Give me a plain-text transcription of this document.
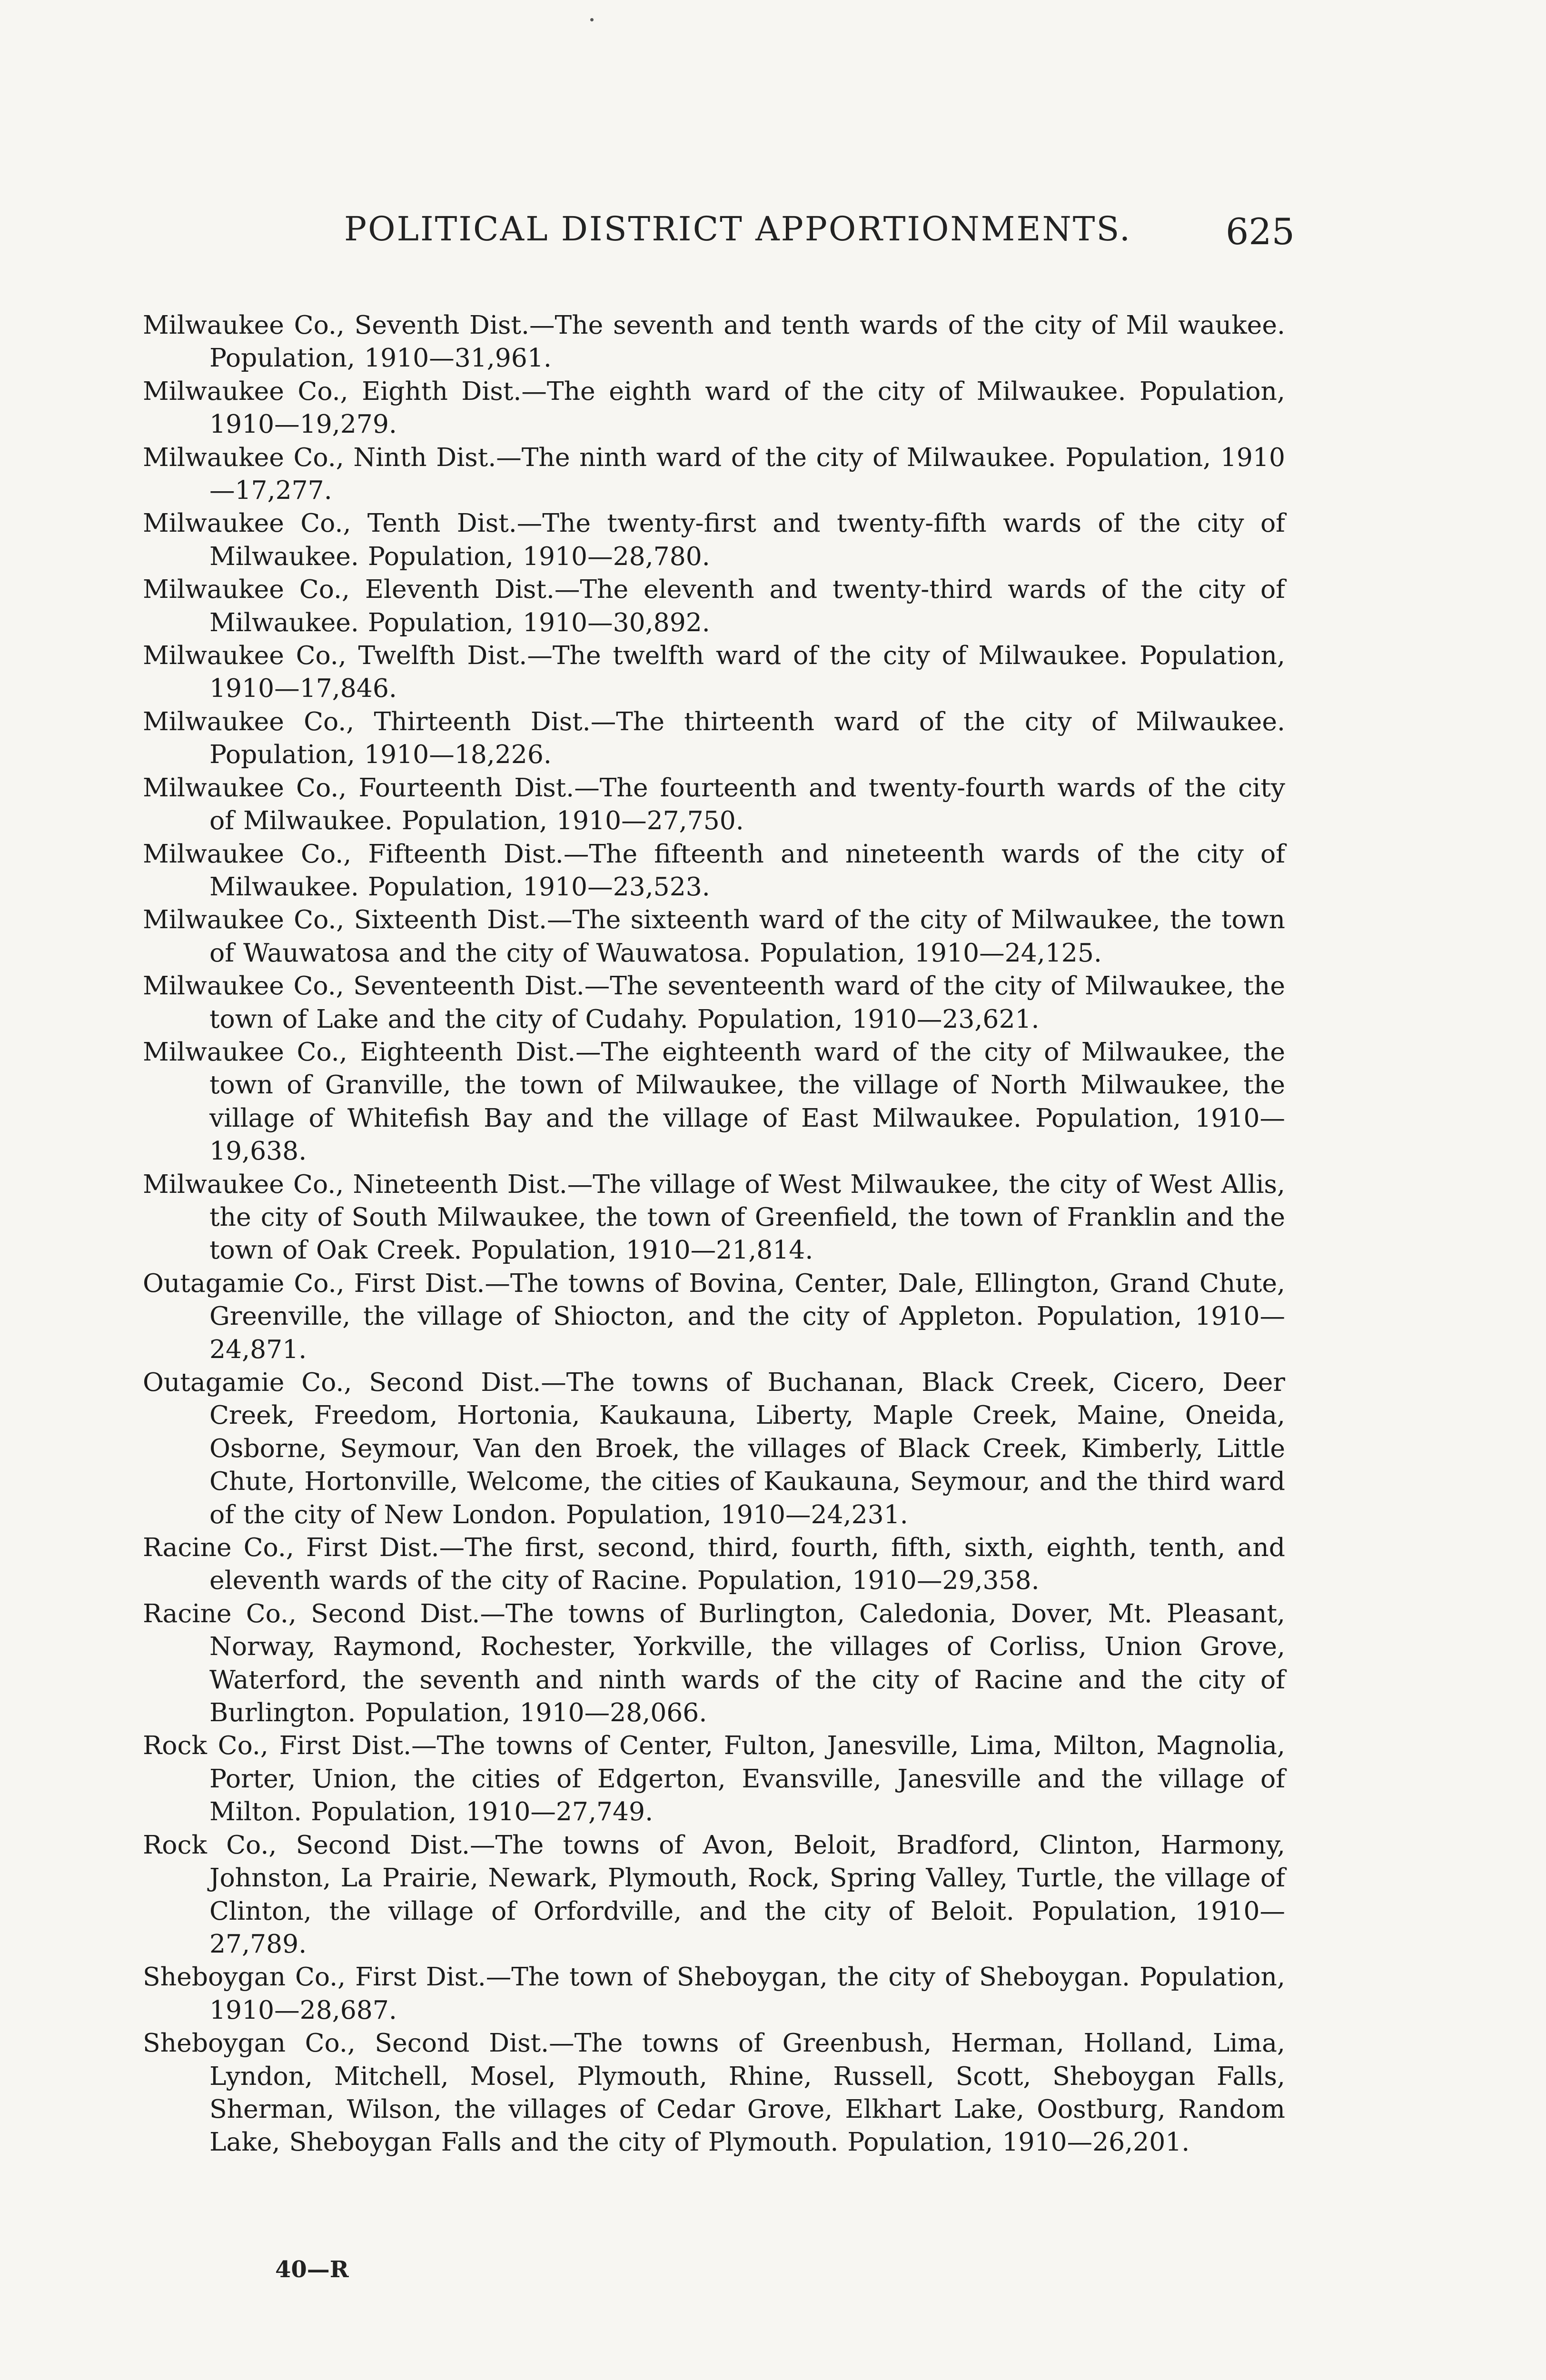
POLITICAL DISTRICT APPORTIONMENTS.	625

Milwaukee Co., Seventh Dist.—The seventh and tenth wards of the city of Mil waukee. Population, 1910—31,961.

Milwaukee Co., Eighth Dist.—The eighth ward of the city of Milwaukee. Population, 1910—19,279.

Milwaukee Co., Ninth Dist.—The ninth ward of the city of Milwaukee. Population, 1910—17,277.

Milwaukee Co., Tenth Dist.—The twenty-first and twenty-fifth wards of the city of Milwaukee. Population, 1910—28,780.

Milwaukee Co., Eleventh Dist.—The eleventh and twenty-third wards of the city of Milwaukee. Population, 1910—30,892.

Milwaukee Co., Twelfth Dist.—The twelfth ward of the city of Milwaukee. Population, 1910—17,846.

Milwaukee Co., Thirteenth Dist.—The thirteenth ward of the city of Milwaukee. Population, 1910—18,226.

Milwaukee Co., Fourteenth Dist.—The fourteenth and twenty-fourth wards of the city of Milwaukee. Population, 1910—27,750.

Milwaukee Co., Fifteenth Dist.—The fifteenth and nineteenth wards of the city of Milwaukee. Population, 1910—23,523.

Milwaukee Co., Sixteenth Dist.—The sixteenth ward of the city of Milwaukee, the town of Wauwatosa and the city of Wauwatosa. Population, 1910—24,125.

Milwaukee Co., Seventeenth Dist.—The seventeenth ward of the city of Milwaukee, the town of Lake and the city of Cudahy. Population, 1910—23,621.

Milwaukee Co., Eighteenth Dist.—The eighteenth ward of the city of Milwaukee, the town of Granville, the town of Milwaukee, the village of North Milwaukee, the village of Whitefish Bay and the village of East Milwaukee. Population, 1910—19,638.

Milwaukee Co., Nineteenth Dist.—The village of West Milwaukee, the city of West Allis, the city of South Milwaukee, the town of Greenfield, the town of Franklin and the town of Oak Creek. Population, 1910—21,814.

Outagamie Co., First Dist.—The towns of Bovina, Center, Dale, Ellington, Grand Chute, Greenville, the village of Shiocton, and the city of Appleton. Population, 1910—24,871.

Outagamie Co., Second Dist.—The towns of Buchanan, Black Creek, Cicero, Deer Creek, Freedom, Hortonia, Kaukauna, Liberty, Maple Creek, Maine, Oneida, Osborne, Seymour, Van den Broek, the villages of Black Creek, Kimberly, Little Chute, Hortonville, Welcome, the cities of Kaukauna, Seymour, and the third ward of the city of New London. Population, 1910—24,231.

Racine Co., First Dist.—The first, second, third, fourth, fifth, sixth, eighth, tenth, and eleventh wards of the city of Racine. Population, 1910—29,358.

Racine Co., Second Dist.—The towns of Burlington, Caledonia, Dover, Mt. Pleasant, Norway, Raymond, Rochester, Yorkville, the villages of Corliss, Union Grove, Waterford, the seventh and ninth wards of the city of Racine and the city of Burlington. Population, 1910—28,066.

Rock Co., First Dist.—The towns of Center, Fulton, Janesville, Lima, Milton, Magnolia, Porter, Union, the cities of Edgerton, Evansville, Janesville and the village of Milton. Population, 1910—27,749.

Rock Co., Second Dist.—The towns of Avon, Beloit, Bradford, Clinton, Harmony, Johnston, La Prairie, Newark, Plymouth, Rock, Spring Valley, Turtle, the village of Clinton, the village of Orfordville, and the city of Beloit. Population, 1910—27,789.

Sheboygan Co., First Dist.—The town of Sheboygan, the city of Sheboygan. Population, 1910—28,687.

Sheboygan Co., Second Dist.—The towns of Greenbush, Herman, Holland, Lima, Lyndon, Mitchell, Mosel, Plymouth, Rhine, Russell, Scott, Sheboygan Falls, Sherman, Wilson, the villages of Cedar Grove, Elkhart Lake, Oostburg, Random Lake, Sheboygan Falls and the city of Plymouth. Population, 1910—26,201.

40—R
